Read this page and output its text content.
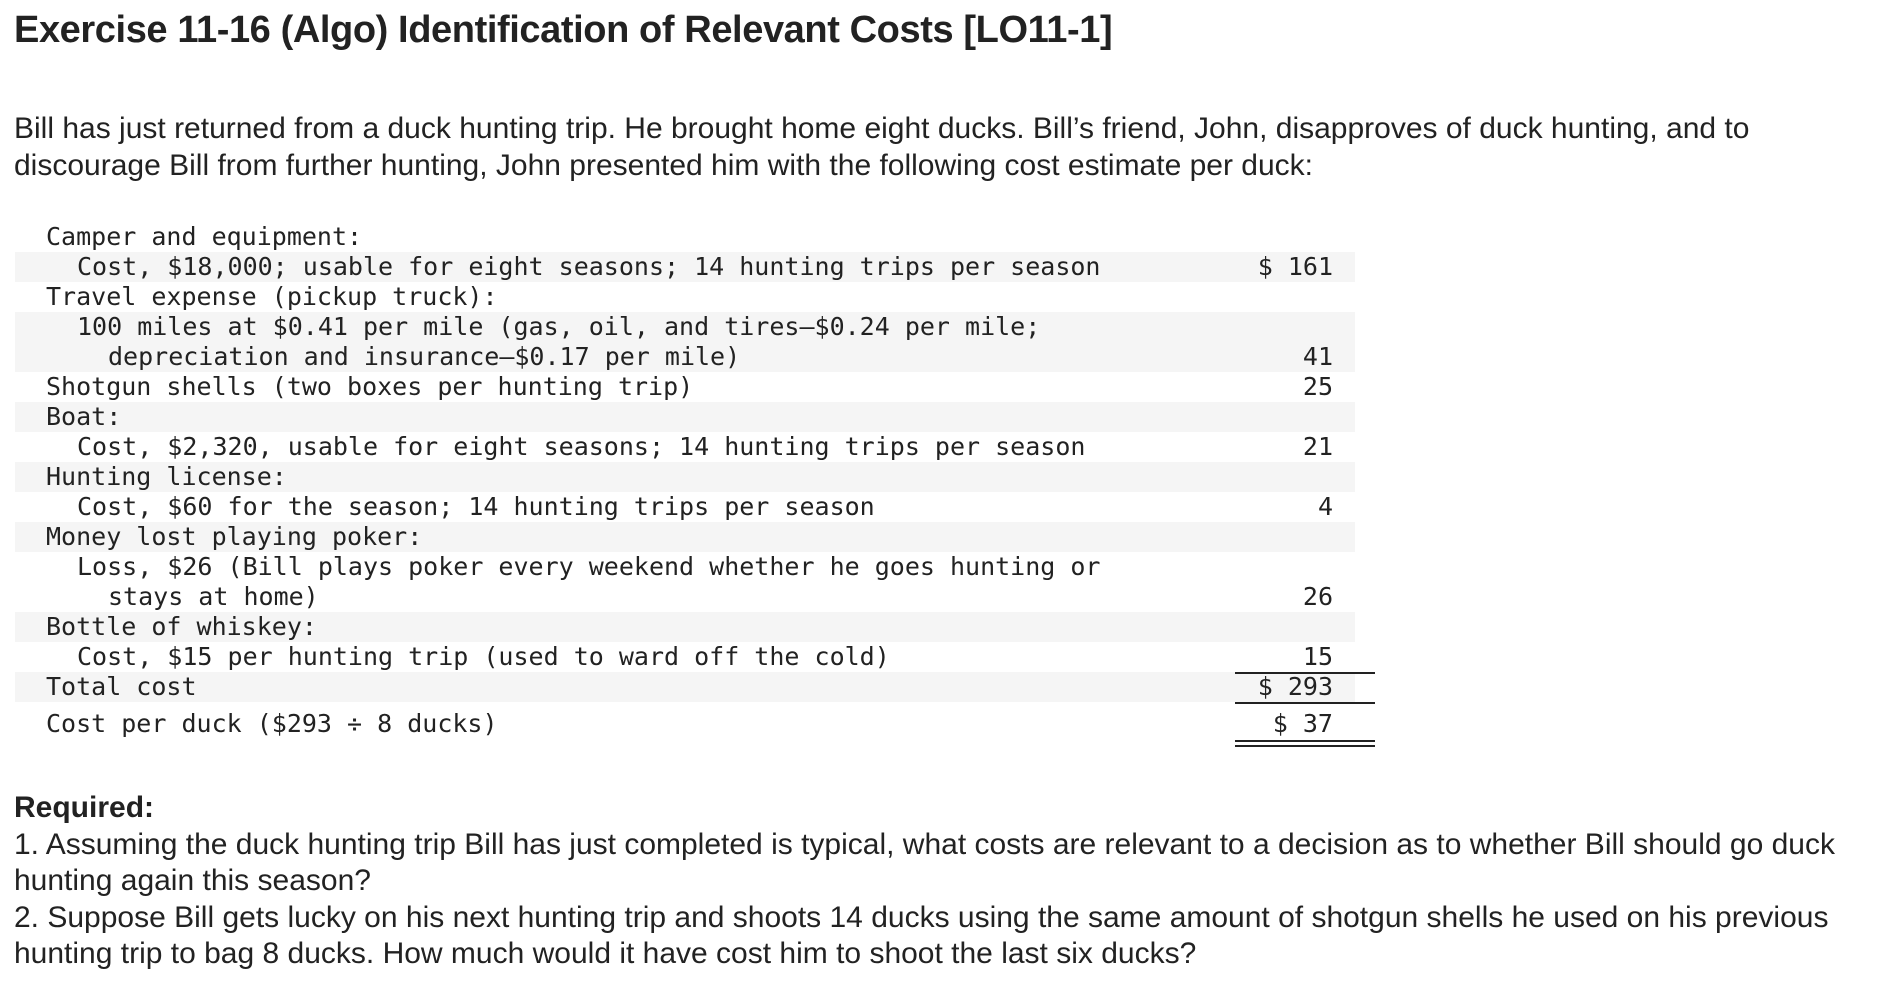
Exercise 11-16 (Algo) Identification of Relevant Costs [LO11-1]

Bill has just returned from a duck hunting trip. He brought home eight ducks. Bill’s friend, John, disapproves of duck hunting, and to discourage Bill from further hunting, John presented him with the following cost estimate per duck:

Camper and equipment:
Cost, $18,000; usable for eight seasons; 14 hunting trips per season	$ 161
Travel expense (pickup truck):
100 miles at $0.41 per mile (gas, oil, and tires–$0.24 per mile;
depreciation and insurance–$0.17 per mile)	41
Shotgun shells (two boxes per hunting trip)	25
Boat:
Cost, $2,320, usable for eight seasons; 14 hunting trips per season	21
Hunting license:
Cost, $60 for the season; 14 hunting trips per season	4
Money lost playing poker:
Loss, $26 (Bill plays poker every weekend whether he goes hunting or
stays at home)	26
Bottle of whiskey:
Cost, $15 per hunting trip (used to ward off the cold)	15
Total cost	$ 293
Cost per duck ($293 ÷ 8 ducks)	$ 37

Required:

1. Assuming the duck hunting trip Bill has just completed is typical, what costs are relevant to a decision as to whether Bill should go duck hunting again this season?

2. Suppose Bill gets lucky on his next hunting trip and shoots 14 ducks using the same amount of shotgun shells he used on his previous hunting trip to bag 8 ducks. How much would it have cost him to shoot the last six ducks?
